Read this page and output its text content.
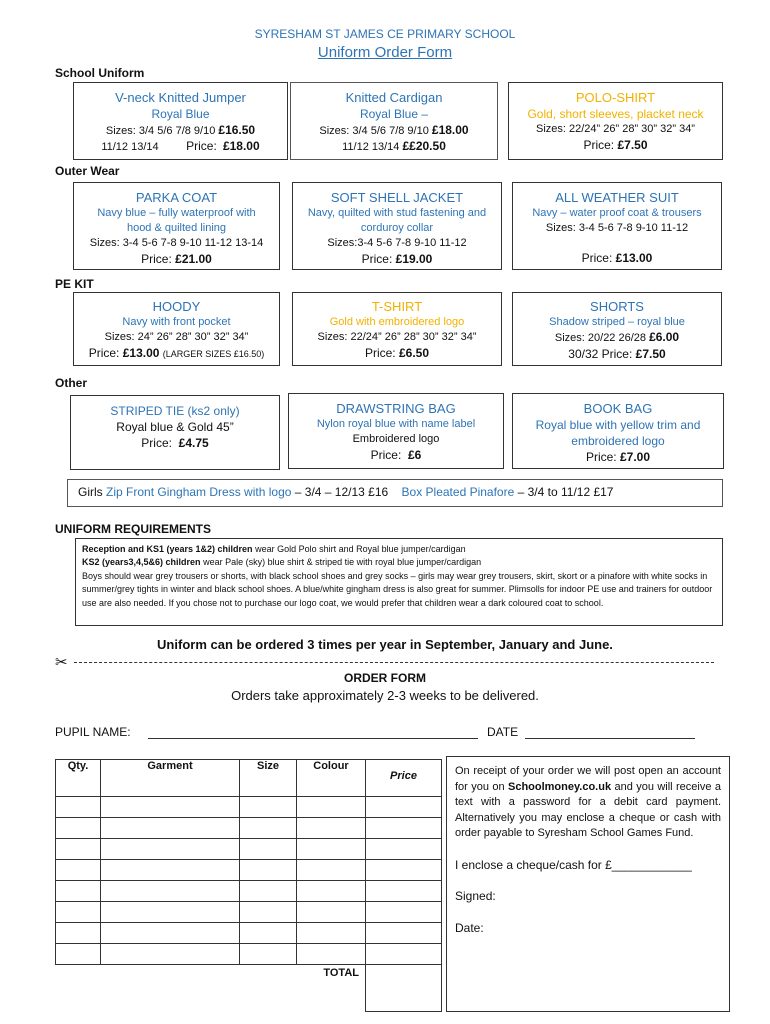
SYRESHAM ST JAMES CE PRIMARY SCHOOL
Uniform Order Form
School Uniform
V-neck Knitted Jumper
Royal Blue
Sizes: 3/4 5/6 7/8 9/10 £16.50
11/12 13/14 Price: £18.00
Knitted Cardigan
Royal Blue –
Sizes: 3/4 5/6 7/8 9/10 £18.00
11/12 13/14 ££20.50
POLO-SHIRT
Gold, short sleeves, placket neck
Sizes: 22/24” 26” 28” 30” 32” 34”
Price: £7.50
Outer Wear
PARKA COAT
Navy blue – fully waterproof with
hood & quilted lining
Sizes: 3-4 5-6 7-8 9-10 11-12 13-14
Price: £21.00
SOFT SHELL JACKET
Navy, quilted with stud fastening and
corduroy collar
Sizes:3-4 5-6 7-8 9-10 11-12
Price: £19.00
ALL WEATHER SUIT
Navy – water proof coat & trousers
Sizes: 3-4 5-6 7-8 9-10 11-12
Price: £13.00
PE KIT
HOODY
Navy with front pocket
Sizes: 24” 26” 28” 30” 32” 34”
Price: £13.00 (LARGER SIZES £16.50)
T-SHIRT
Gold with embroidered logo
Sizes: 22/24” 26” 28” 30” 32” 34”
Price: £6.50
SHORTS
Shadow striped – royal blue
Sizes: 20/22 26/28 £6.00
30/32 Price: £7.50
Other
STRIPED TIE (ks2 only)
Royal blue & Gold 45”
Price: £4.75
DRAWSTRING BAG
Nylon royal blue with name label
Embroidered logo
Price: £6
BOOK BAG
Royal blue with yellow trim and embroidered logo
Price: £7.00
Girls Zip Front Gingham Dress with logo – 3/4 – 12/13 £16 Box Pleated Pinafore – 3/4 to 11/12 £17
UNIFORM REQUIREMENTS
Reception and KS1 (years 1&2) children wear Gold Polo shirt and Royal blue jumper/cardigan
KS2 (years3,4,5&6) children wear Pale (sky) blue shirt & striped tie with royal blue jumper/cardigan
Boys should wear grey trousers or shorts, with black school shoes and grey socks – girls may wear grey trousers, skirt, skort or a pinafore with white socks in summer/grey tights in winter and black school shoes. A blue/white gingham dress is also great for summer. Plimsolls for indoor PE use and trainers for outdoor use are also needed. If you chose not to purchase our logo coat, we would prefer that children wear a dark coloured coat to school.
Uniform can be ordered 3 times per year in September, January and June.
✂
ORDER FORM
Orders take approximately 2-3 weeks to be delivered.
PUPIL NAME:	DATE
Qty.	Garment	Size	Colour	Price

TOTAL				
On receipt of your order we will post open an account for you on Schoolmoney.co.uk and you will receive a text with a password for a debit card payment. Alternatively you may enclose a cheque or cash with order payable to Syresham School Games Fund.
I enclose a cheque/cash for £____________
Signed:
Date:
